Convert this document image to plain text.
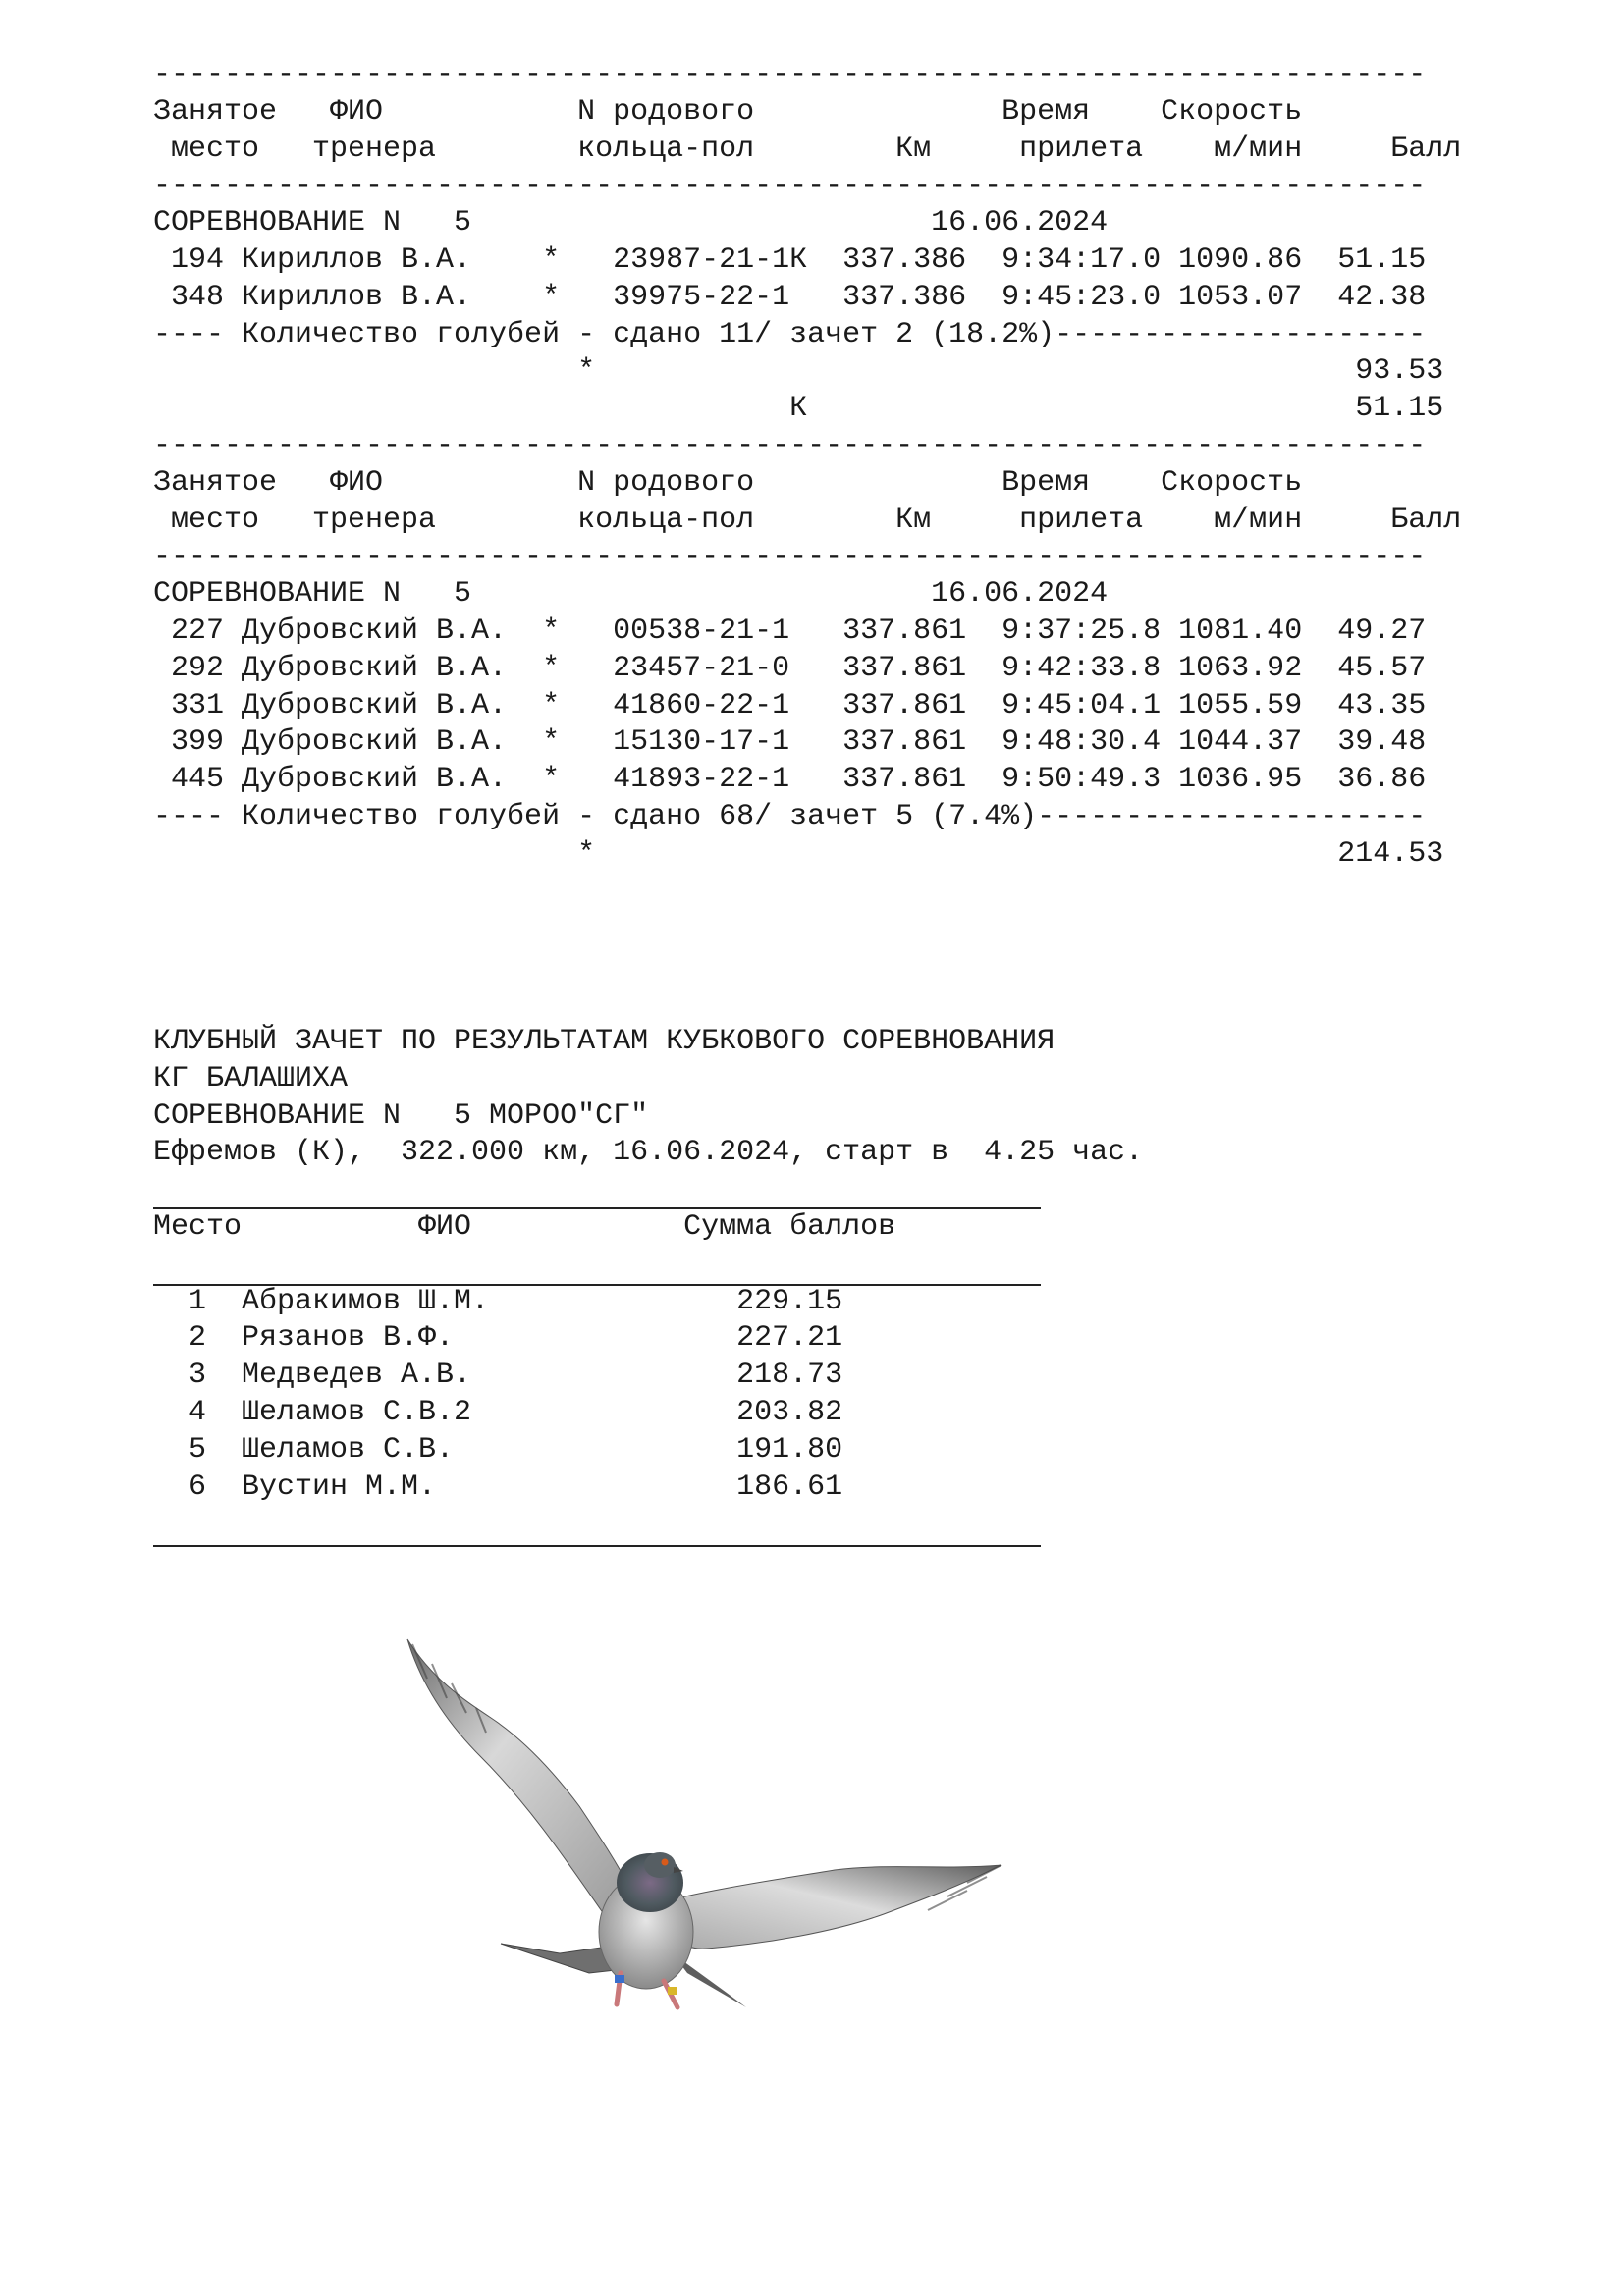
------------------------------------------------------------------------
Занятое   ФИО           N родового              Время    Скорость
место   тренера        кольца-пол        Км     прилета    м/мин     Балл
------------------------------------------------------------------------
СОРЕВНОВАНИЕ N   5                          16.06.2024
194 Кириллов В.А.    *   23987-21-1К  337.386  9:34:17.0 1090.86  51.15
348 Кириллов В.А.    *   39975-22-1   337.386  9:45:23.0 1053.07  42.38
---- Количество голубей - сдано 11/ зачет 2 (18.2%)---------------------
*                                           93.53
К                               51.15
------------------------------------------------------------------------
Занятое   ФИО           N родового              Время    Скорость
место   тренера        кольца-пол        Км     прилета    м/мин     Балл
------------------------------------------------------------------------
СОРЕВНОВАНИЕ N   5                          16.06.2024
227 Дубровский В.А.  *   00538-21-1   337.861  9:37:25.8 1081.40  49.27
292 Дубровский В.А.  *   23457-21-0   337.861  9:42:33.8 1063.92  45.57
331 Дубровский В.А.  *   41860-22-1   337.861  9:45:04.1 1055.59  43.35
399 Дубровский В.А.  *   15130-17-1   337.861  9:48:30.4 1044.37  39.48
445 Дубровский В.А.  *   41893-22-1   337.861  9:50:49.3 1036.95  36.86
---- Количество голубей - сдано 68/ зачет 5 (7.4%)----------------------
*                                          214.53
КЛУБНЫЙ ЗАЧЕТ ПО РЕЗУЛЬТАТАМ КУБКОВОГО СОРЕВНОВАНИЯ
КГ БАЛАШИХА
СОРЕВНОВАНИЕ N   5 МОРОО"СГ"
Ефремов (К),  322.000 км, 16.06.2024, старт в  4.25 час.
Место          ФИО            Сумма баллов
1  Абракимов Ш.М.              229.15
2  Рязанов В.Ф.                227.21
3  Медведев А.В.               218.73
4  Шеламов С.В.2               203.82
5  Шеламов С.В.                191.80
6  Вустин М.М.                 186.61
